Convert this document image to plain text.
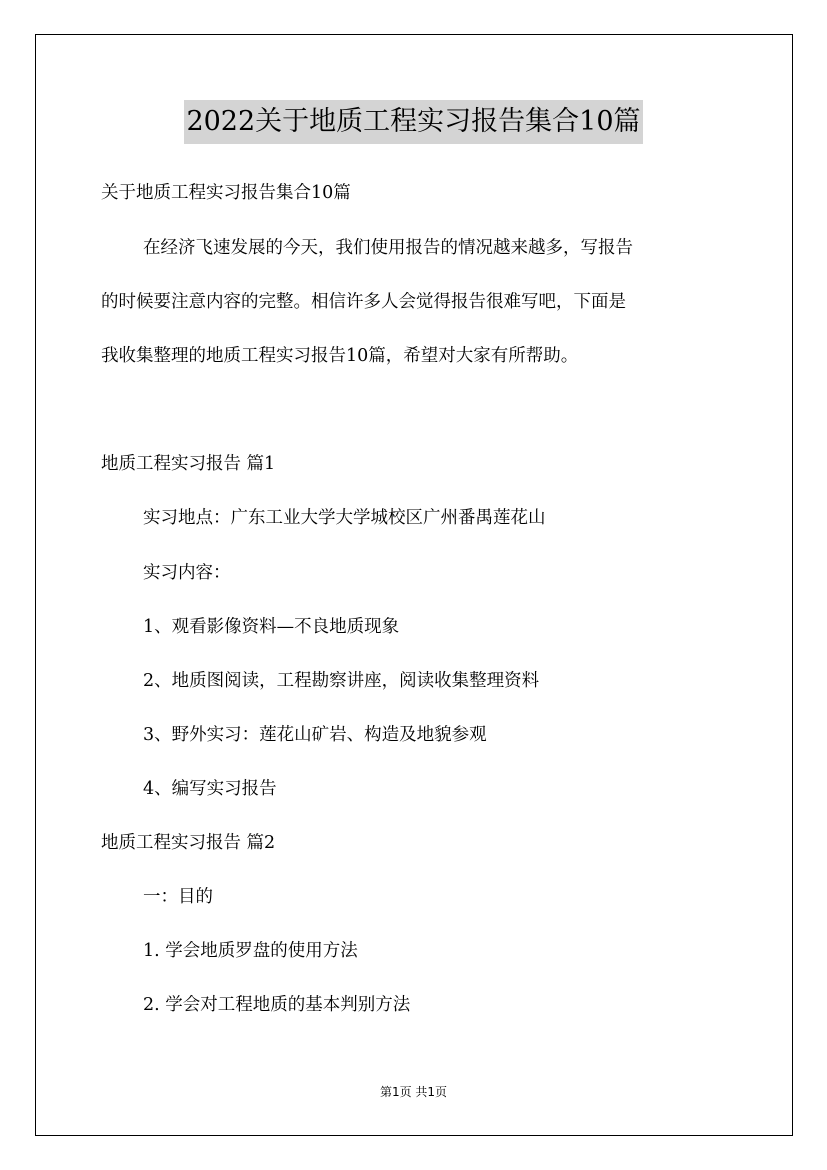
2022关于地质工程实习报告集合10篇
关于地质工程实习报告集合10篇
在经济飞速发展的今天，我们使用报告的情况越来越多，写报告
的时候要注意内容的完整。相信许多人会觉得报告很难写吧，下面是
我收集整理的地质工程实习报告10篇，希望对大家有所帮助。
地质工程实习报告 篇1
实习地点：广东工业大学大学城校区广州番禺莲花山
实习内容：
1、观看影像资料—不良地质现象
2、地质图阅读，工程勘察讲座，阅读收集整理资料
3、野外实习：莲花山矿岩、构造及地貌参观
4、编写实习报告
地质工程实习报告 篇2
一：目的
1. 学会地质罗盘的使用方法
2. 学会对工程地质的基本判别方法
第1页 共1页
